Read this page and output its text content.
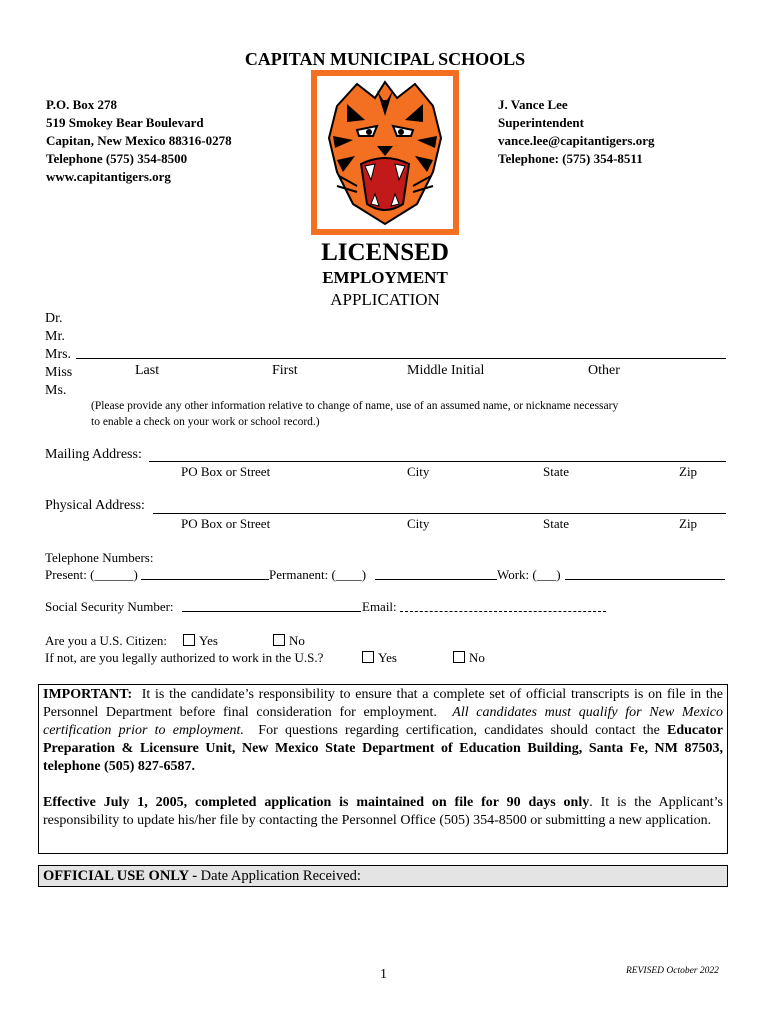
CAPITAN MUNICIPAL SCHOOLS
P.O. Box 278
519 Smokey Bear Boulevard
Capitan, New Mexico 88316-0278
Telephone (575) 354-8500
www.capitantigers.org
J. Vance Lee
Superintendent
vance.lee@capitantigers.org
Telephone: (575) 354-8511
LICENSED
EMPLOYMENT
APPLICATION
Dr.
Mr.
Mrs.
Miss
Ms.
Last	First	Middle Initial	Other
(Please provide any other information relative to change of name, use of an assumed name, or nickname necessary
to enable a check on your work or school record.)
Mailing Address:
PO Box or Street	City	State	Zip
Physical Address:
PO Box or Street	City	State	Zip
Telephone Numbers:
Present: (______)	Permanent: (____)	Work: (___)
Social Security Number:	Email:
Are you a U.S. Citizen:	Yes	No
If not, are you legally authorized to work in the U.S.?	Yes	No

IMPORTANT: It is the candidate’s responsibility to ensure that a complete set of official transcripts is on file in the Personnel Department before final consideration for employment. All candidates must qualify for New Mexico certification prior to employment. For questions regarding certification, candidates should contact the Educator Preparation & Licensure Unit, New Mexico State Department of Education Building, Santa Fe, NM 87503, telephone (505) 827-6587.

Effective July 1, 2005, completed application is maintained on file for 90 days only. It is the Applicant’s responsibility to update his/her file by contacting the Personnel Office (505) 354-8500 or submitting a new application.

OFFICIAL USE ONLY - Date Application Received:
1	REVISED October 2022
